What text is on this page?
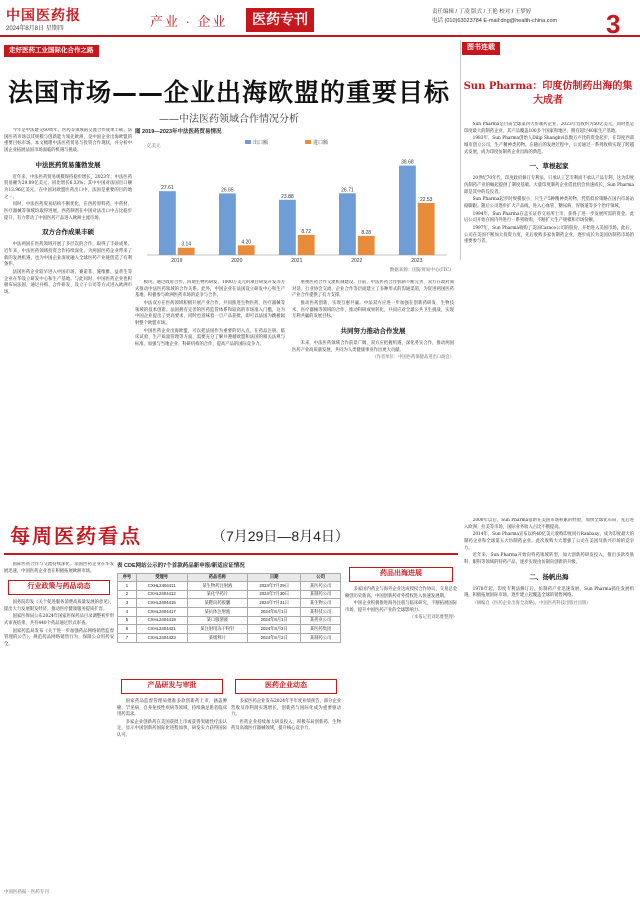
中国医药报
2024年8月8日 星期四	产业 · 企业	医药专刊	责任编辑 / 丁凌 版式 / 王艳 校对 / 王梦婷
电话 (010)63023784 E-mail:dng@health-china.com 3
走好医药工业国际化合作之路
法国市场——企业出海欧盟的重要目标
——中法医药领域合作情况分析

今年是中法建交60周年。医药等领域的交流合作成果丰硕。法国医药市场以其规模与创新能力领先欧洲，是中国企业出海欧盟的重要目标市场。本文梳理中法医药贸易与投资合作现状，并分析中国企业拓展法国市场面临的机遇与挑战。

中法医药贸易蓬勃发展

近年来，中法医药贸易规模保持稳步增长。2023年，中法医药贸易额为29.09亿美元，同比增长6.33%；其中中国对法国出口额为13.96亿美元。在中国对欧盟医药出口中，法国是重要的目的地之一。

同时，中法医药贸易结构不断优化，在西药原料药、中药材、医疗器械等领域均取得进展。西药制剂在中国对法出口中占比稳步提升，有力带动了中国医药产品进入欧洲主流市场。

双方合作成果丰硕

中法两国在医药领域开展了多层次的合作，取得了丰硕成果。近年来，中法医药领域投资合作持续深化，为两国医药企业带来了新的发展机遇，也为中国企业深度融入全球医药产业链创造了有利条件。

法国医药企业较早进入中国市场，赛诺菲、施维雅、益普生等企业在华设立研发中心和生产基地。与此同时，中国医药企业也积极布局法国，通过并购、合作研发、设立子公司等方式进入欧洲市场。

图 2019—2023年中法医药贸易情况
出口额	进口额
27.61
3.14
2019
26.65
4.20
2020
23.88
8.72
2021
26.71
8.28
2022
38.68
22.53
2023
亿美元
数据来源：国际贸易中心(ITC)

模块，通过政府合作、四期生物药研发、1000万美元的项目研发开发等方式推动中法医药领域的合作关系。此外，中国企业在法国设立研发中心和生产基地，积极参与欧洲医药市场的竞争与合作。

中法双方在医药领域积极开展产业合作，共同推进生物医药、医疗器械等领域的技术创新。法国拥有完善的医药监管体系和较高的市场准入门槛，这为中国企业提出了更高要求，同时也意味着一旦产品获批，即可以法国为跳板辐射整个欧盟市场。

中国医药企业出海欧盟，可以把法国作为重要的切入点。在药品注册、临床试验、生产质量管理等方面，需要充分了解并遵循欧盟和法国的相关法规与标准，加强与当地企业、科研机构的合作，提高产品的国际竞争力。

重视医药合作交流机制建设。目前，中法医药合作机制不断完善，双方在政府间对话、行业协会交流、企业合作等层面建立了多种形式的沟通渠道，为促进两国医药产业合作提供了有力支撑。

推动医药创新，实现互惠共赢。中法双方应进一步加强在创新药研发、生物技术、医疗器械等领域的合作，推动科研成果转化，共同应对全球公共卫生挑战，实现互利共赢的发展目标。

共同努力推动合作发展

未来，中法医药领域合作前景广阔，双方应把握机遇，深化务实合作，推动两国医药产业高质量发展，共同为人类健康事业作出更大贡献。

（作者单位：中国医药保健品进出口商会）

图书连载
Sun Pharma：印度仿制药出海的集大成者

Sun Pharma是目前全球第四大仿制药企业，2023年营收约为50亿美元，同时也是印度最大的制药企业，其产品覆盖100多个国家和地区，拥有超过40家生产基地。

1983年，Sun Pharma创始人Dilip Shanghvi以数万卢比的资金起步，在印度西部城市创立公司，生产精神类药物。在随后的发展过程中，公司通过一系列收购实现了跨越式发展，成为印度仿制药企业出海的典范。

一、草根起家

20世纪70年代，印度政府修订专利法，只承认工艺专利而不承认产品专利，这为印度仿制药产业的崛起提供了制度基础。大量印度制药企业借此机会快速成长，Sun Pharma即是其中的佼佼者。

Sun Pharma起步时规模很小，只生产5种精神类药物，凭借低价策略在国内市场站稳脚跟。随后公司逐步扩大产品线，进入心血管、糖尿病、胃肠道等多个治疗领域。

1994年，Sun Pharma在孟买证券交易所上市，获得了进一步发展所需的资金。此后公司开始在国内外进行一系列收购，不断扩大生产规模和市场份额。

1997年，Sun Pharma收购了美国Caraco公司的股份，开始进入美国市场。此后，公司在美国不断加大投资力度，先后收购多家仿制药企业，逐步成长为美国仿制药市场的重要参与者。

每周医药看点	（7月29日—8月4日）

国际医药合作与交流持续深化。法国医药企业在华发展迅速，中国医药企业也在积极拓展欧洲市场。

行业政策与药品动态

国务院印发《关于促进服务消费高质量发展的意见》，提出大力发展银发经济，推动医疗健康服务提质扩容。

国家医保局公布2024年国家医保药品目录调整初步形式审查结果，共有440个药品通过形式审查。

国家药监局发布《关于进一步加强药品网络销售监督管理的公告》，规范药品网络销售行为，保障公众用药安全。

表 CDE网站公示的7个首款药品新申报/新适应证情况
序号	受理号	药品名称	日期	公司
1	CXHL2404411	某生物药注射液	2024年7月29日	某医药公司
2	CXHL2404412	某化学药片	2024年7月30日	某制药公司
3	CXHL2404415	某靶向药胶囊	2024年7月31日	某生物公司
4	CXHL2404417	某抗体注射液	2024年8月1日	某科技公司
5	CXHL2404419	某口服溶液	2024年8月1日	某药业公司
6	CXHL2404421	某注射用冻干粉针	2024年8月2日	某医药集团
7	CXHL2404423	某缓释片	2024年8月2日	某制药公司
产品研发与审批

国家药品监督管理局批准多款创新药上市，涵盖肿瘤、罕见病、自身免疫性疾病等领域，持续满足患者临床用药需求。

多家企业创新药在美国获批上市或获得突破性疗法认定，显示中国创新药国际化进程加快，研发实力获得国际认可。

医药企业动态

多家医药企业发布2024年半年度业绩预告，部分企业营收及净利润实现增长，创新药与国际化成为重要驱动力。

医药企业持续加大研发投入，积极布局创新药、生物药及高端医疗器械领域，提升核心竞争力。

药品出海进展

多家国内药企与海外企业达成授权合作协议，交易总金额创历史新高，中国创新药对外授权进入快速发展期。

中国企业积极推进海外注册与临床研究，不断拓展国际市场，提升中国医药产业的全球影响力。

（本报记者刘思雅整理）

2000年以后，Sun Pharma借助在美国市场积累的经验，加快全球化布局，先后进入欧洲、拉美等市场，国际业务收入占比不断提高。

2014年，Sun Pharma宣布以约40亿美元收购印度同行Ranbaxy，成为印度最大的制药企业和全球第五大仿制药企业。此次收购大大增强了公司在美国及新兴市场的竞争力。

近年来，Sun Pharma开始向特药领域转型，加大创新药研发投入，推出多款皮肤科、眼科等领域的特药产品，逐步实现由仿制向创新的升级。

二、扬帆出海

1978年起，印度专利法修订后，仿制药产业迅速发展，Sun Pharma抓住发展机遇，积极拓展国际市场，逐步建立起覆盖全球的销售网络。

（摘编自《医药企业出海全攻略》，中国医药科技出版社出版）

中国医药报 · 医药专刊
